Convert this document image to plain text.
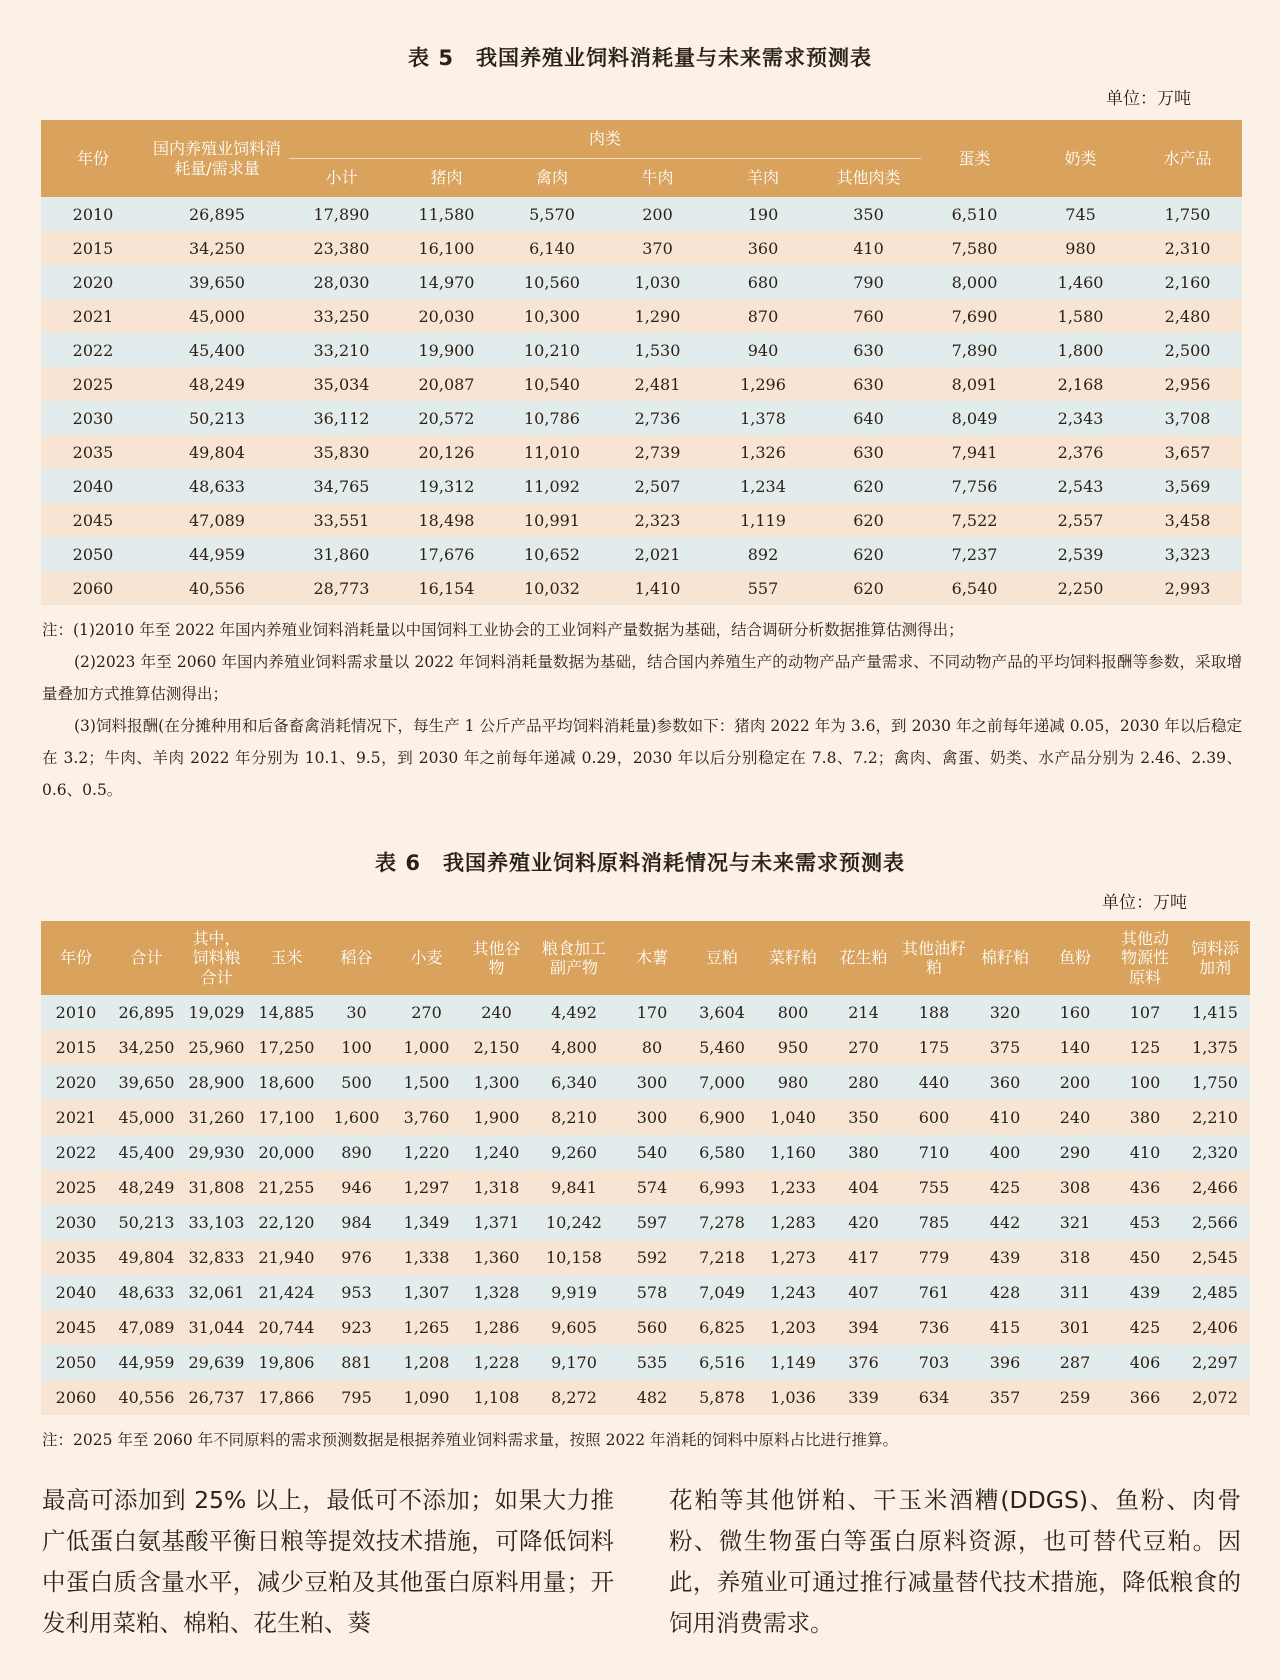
表 5　我国养殖业饲料消耗量与未来需求预测表
单位：万吨
年份	国内养殖业饲料消耗量/需求量	肉类						蛋类	奶类	水产品
		小计	猪肉	禽肉	牛肉	羊肉	其他肉类			
2010	26,895	17,890	11,580	5,570	200	190	350	6,510	745	1,750
2015	34,250	23,380	16,100	6,140	370	360	410	7,580	980	2,310
2020	39,650	28,030	14,970	10,560	1,030	680	790	8,000	1,460	2,160
2021	45,000	33,250	20,030	10,300	1,290	870	760	7,690	1,580	2,480
2022	45,400	33,210	19,900	10,210	1,530	940	630	7,890	1,800	2,500
2025	48,249	35,034	20,087	10,540	2,481	1,296	630	8,091	2,168	2,956
2030	50,213	36,112	20,572	10,786	2,736	1,378	640	8,049	2,343	3,708
2035	49,804	35,830	20,126	11,010	2,739	1,326	630	7,941	2,376	3,657
2040	48,633	34,765	19,312	11,092	2,507	1,234	620	7,756	2,543	3,569
2045	47,089	33,551	18,498	10,991	2,323	1,119	620	7,522	2,557	3,458
2050	44,959	31,860	17,676	10,652	2,021	892	620	7,237	2,539	3,323
2060	40,556	28,773	16,154	10,032	1,410	557	620	6,540	2,250	2,993
注：(1)2010 年至 2022 年国内养殖业饲料消耗量以中国饲料工业协会的工业饲料产量数据为基础，结合调研分析数据推算估测得出；
(2)2023 年至 2060 年国内养殖业饲料需求量以 2022 年饲料消耗量数据为基础，结合国内养殖生产的动物产品产量需求、不同动物产品的平均饲料报酬等参数，采取增量叠加方式推算估测得出；
(3)饲料报酬(在分摊种用和后备畜禽消耗情况下，每生产 1 公斤产品平均饲料消耗量)参数如下：猪肉 2022 年为 3.6，到 2030 年之前每年递减 0.05，2030 年以后稳定在 3.2；牛肉、羊肉 2022 年分别为 10.1、9.5，到 2030 年之前每年递减 0.29，2030 年以后分别稳定在 7.8、7.2；禽肉、禽蛋、奶类、水产品分别为 2.46、2.39、0.6、0.5。
表 6　我国养殖业饲料原料消耗情况与未来需求预测表
单位：万吨
年份	合计	其中，饲料粮合计	玉米	稻谷	小麦	其他谷物	粮食加工副产物	木薯	豆粕	菜籽粕	花生粕	其他油籽粕	棉籽粕	鱼粉	其他动物源性原料	饲料添加剂
2010	26,895	19,029	14,885	30	270	240	4,492	170	3,604	800	214	188	320	160	107	1,415
2015	34,250	25,960	17,250	100	1,000	2,150	4,800	80	5,460	950	270	175	375	140	125	1,375
2020	39,650	28,900	18,600	500	1,500	1,300	6,340	300	7,000	980	280	440	360	200	100	1,750
2021	45,000	31,260	17,100	1,600	3,760	1,900	8,210	300	6,900	1,040	350	600	410	240	380	2,210
2022	45,400	29,930	20,000	890	1,220	1,240	9,260	540	6,580	1,160	380	710	400	290	410	2,320
2025	48,249	31,808	21,255	946	1,297	1,318	9,841	574	6,993	1,233	404	755	425	308	436	2,466
2030	50,213	33,103	22,120	984	1,349	1,371	10,242	597	7,278	1,283	420	785	442	321	453	2,566
2035	49,804	32,833	21,940	976	1,338	1,360	10,158	592	7,218	1,273	417	779	439	318	450	2,545
2040	48,633	32,061	21,424	953	1,307	1,328	9,919	578	7,049	1,243	407	761	428	311	439	2,485
2045	47,089	31,044	20,744	923	1,265	1,286	9,605	560	6,825	1,203	394	736	415	301	425	2,406
2050	44,959	29,639	19,806	881	1,208	1,228	9,170	535	6,516	1,149	376	703	396	287	406	2,297
2060	40,556	26,737	17,866	795	1,090	1,108	8,272	482	5,878	1,036	339	634	357	259	366	2,072
注：2025 年至 2060 年不同原料的需求预测数据是根据养殖业饲料需求量，按照 2022 年消耗的饲料中原料占比进行推算。
最高可添加到 25% 以上，最低可不添加；如果大力推广低蛋白氨基酸平衡日粮等提效技术措施，可降低饲料中蛋白质含量水平，减少豆粕及其他蛋白原料用量；开发利用菜粕、棉粕、花生粕、葵
花粕等其他饼粕、干玉米酒糟(DDGS)、鱼粉、肉骨粉、微生物蛋白等蛋白原料资源，也可替代豆粕。因此，养殖业可通过推行减量替代技术措施，降低粮食的饲用消费需求。
